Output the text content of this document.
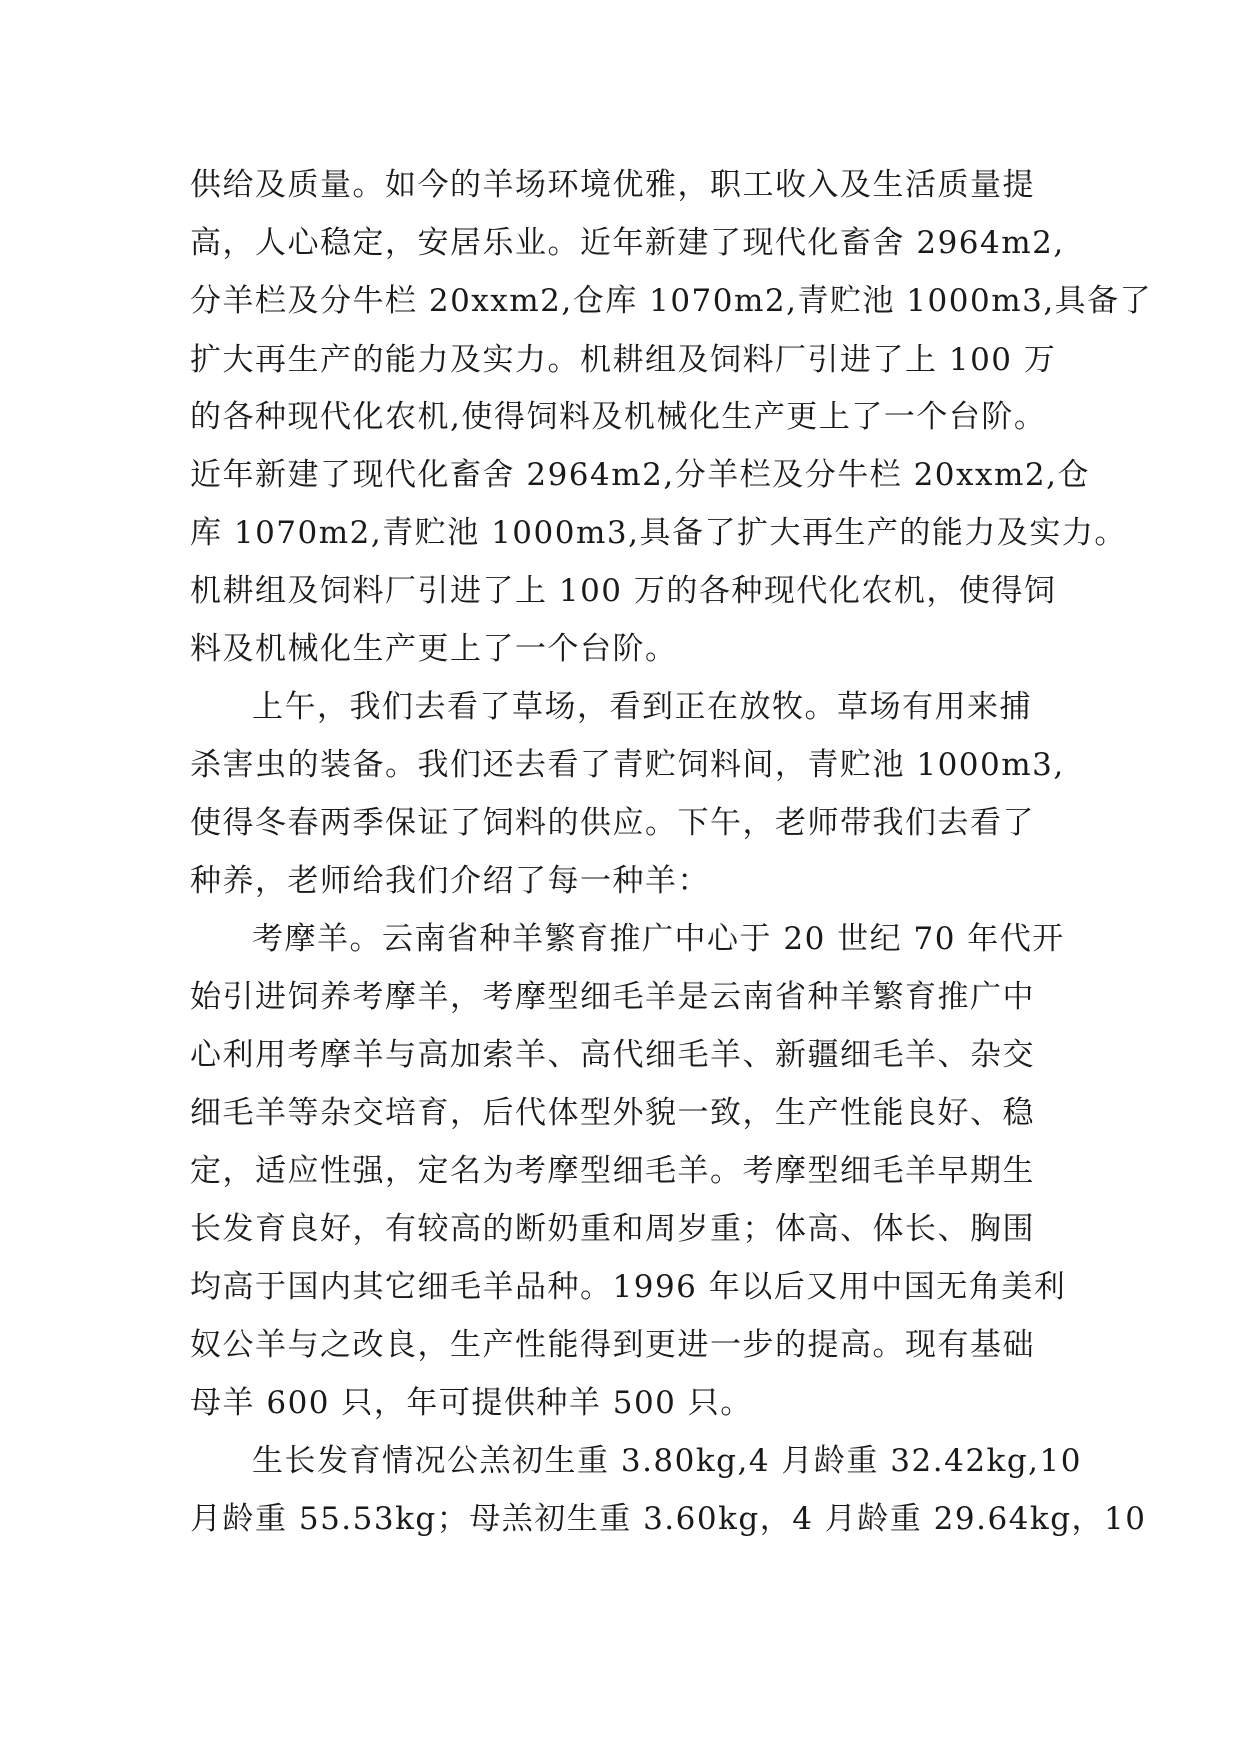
供给及质量。如今的羊场环境优雅，职工收入及生活质量提
高，人心稳定，安居乐业。近年新建了现代化畜舍 2964m2,
分羊栏及分牛栏 20xxm2,仓库 1070m2,青贮池 1000m3,具备了
扩大再生产的能力及实力。机耕组及饲料厂引进了上 100 万
的各种现代化农机,使得饲料及机械化生产更上了一个台阶。
近年新建了现代化畜舍 2964m2,分羊栏及分牛栏 20xxm2,仓
库 1070m2,青贮池 1000m3,具备了扩大再生产的能力及实力。
机耕组及饲料厂引进了上 100 万的各种现代化农机，使得饲
料及机械化生产更上了一个台阶。
上午，我们去看了草场，看到正在放牧。草场有用来捕
杀害虫的装备。我们还去看了青贮饲料间，青贮池 1000m3,
使得冬春两季保证了饲料的供应。下午，老师带我们去看了
种养，老师给我们介绍了每一种羊：
考摩羊。云南省种羊繁育推广中心于 20 世纪 70 年代开
始引进饲养考摩羊，考摩型细毛羊是云南省种羊繁育推广中
心利用考摩羊与高加索羊、高代细毛羊、新疆细毛羊、杂交
细毛羊等杂交培育，后代体型外貌一致，生产性能良好、稳
定，适应性强，定名为考摩型细毛羊。考摩型细毛羊早期生
长发育良好，有较高的断奶重和周岁重；体高、体长、胸围
均高于国内其它细毛羊品种。1996 年以后又用中国无角美利
奴公羊与之改良，生产性能得到更进一步的提高。现有基础
母羊 600 只，年可提供种羊 500 只。
生长发育情况公羔初生重 3.80kg,4 月龄重 32.42kg,10
月龄重 55.53kg；母羔初生重 3.60kg，4 月龄重 29.64kg，10
